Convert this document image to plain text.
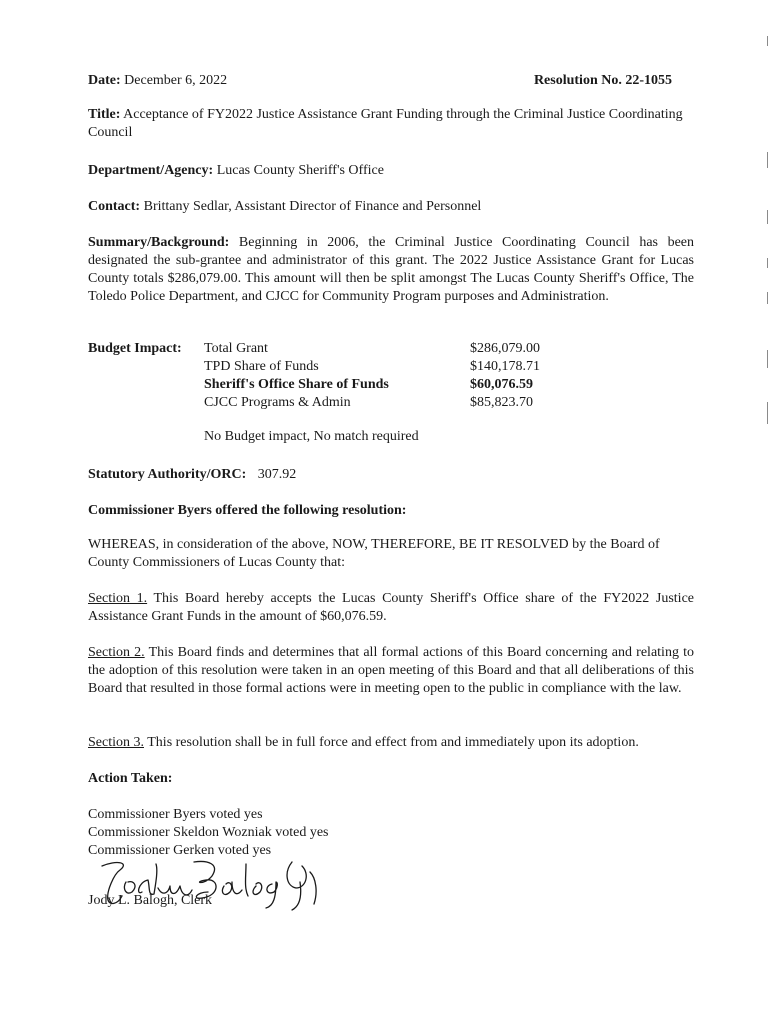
Date: December 6, 2022	Resolution No. 22-1055
Title: Acceptance of FY2022 Justice Assistance Grant Funding through the Criminal Justice Coordinating Council
Department/Agency: Lucas County Sheriff's Office
Contact: Brittany Sedlar, Assistant Director of Finance and Personnel
Summary/Background: Beginning in 2006, the Criminal Justice Coordinating Council has been designated the sub-grantee and administrator of this grant. The 2022 Justice Assistance Grant for Lucas County totals $286,079.00. This amount will then be split amongst The Lucas County Sheriff's Office, The Toledo Police Department, and CJCC for Community Program purposes and Administration.
Budget Impact: Total Grant	$286,079.00
TPD Share of Funds	$140,178.71
Sheriff's Office Share of Funds	$60,076.59
CJCC Programs & Admin	$85,823.70
No Budget impact, No match required
Statutory Authority/ORC: 307.92
Commissioner Byers offered the following resolution:
WHEREAS, in consideration of the above, NOW, THEREFORE, BE IT RESOLVED by the Board of County Commissioners of Lucas County that:
Section 1. This Board hereby accepts the Lucas County Sheriff's Office share of the FY2022 Justice Assistance Grant Funds in the amount of $60,076.59.
Section 2. This Board finds and determines that all formal actions of this Board concerning and relating to the adoption of this resolution were taken in an open meeting of this Board and that all deliberations of this Board that resulted in those formal actions were in meeting open to the public in compliance with the law.
Section 3. This resolution shall be in full force and effect from and immediately upon its adoption.
Action Taken:
Commissioner Byers voted yes
Commissioner Skeldon Wozniak voted yes
Commissioner Gerken voted yes
Jody L. Balogh, Clerk
